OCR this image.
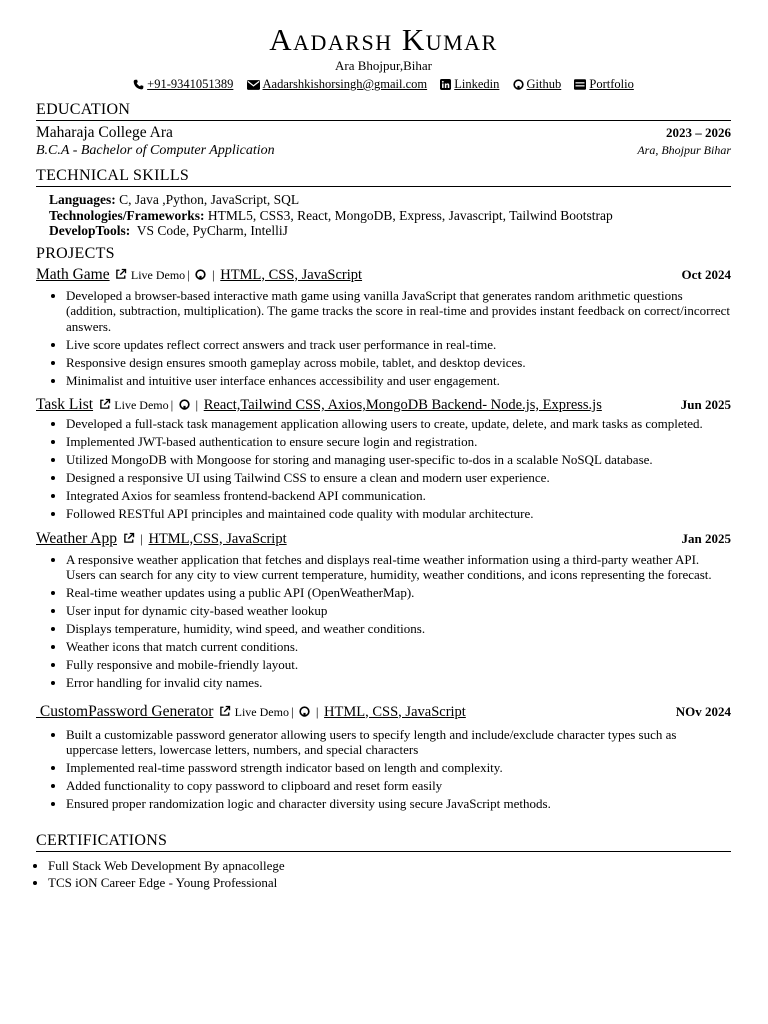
Aadarsh Kumar
Ara Bhojpur,Bihar
+91-9341051389 Aadarshkishorsingh@gmail.com Linkedin Github Portfolio
EDUCATION
Maharaja College Ara	2023 – 2026
B.C.A - Bachelor of Computer Application	Ara, Bhojpur Bihar
TECHNICAL SKILLS
Languages: C, Java ,Python, JavaScript, SQL
Technologies/Frameworks: HTML5, CSS3, React, MongoDB, Express, Javascript, Tailwind Bootstrap
DevelopTools:  VS Code, PyCharm, IntelliJ
PROJECTS
Math Game Live Demo | | HTML, CSS, JavaScript	Oct 2024
• Developed a browser-based interactive math game using vanilla JavaScript that generates random arithmetic questions (addition, subtraction, multiplication). The game tracks the score in real-time and provides instant feedback on correct/incorrect answers.
• Live score updates reflect correct answers and track user performance in real-time.
• Responsive design ensures smooth gameplay across mobile, tablet, and desktop devices.
• Minimalist and intuitive user interface enhances accessibility and user engagement.
Task List Live Demo | | React,Tailwind CSS, Axios,MongoDB Backend- Node.js, Express.js	Jun 2025
• Developed a full-stack task management application allowing users to create, update, delete, and mark tasks as completed.
• Implemented JWT-based authentication to ensure secure login and registration.
• Utilized MongoDB with Mongoose for storing and managing user-specific to-dos in a scalable NoSQL database.
• Designed a responsive UI using Tailwind CSS to ensure a clean and modern user experience.
• Integrated Axios for seamless frontend-backend API communication.
• Followed RESTful API principles and maintained code quality with modular architecture.
Weather App | HTML,CSS, JavaScript	Jan 2025
• A responsive weather application that fetches and displays real-time weather information using a third-party weather API. Users can search for any city to view current temperature, humidity, weather conditions, and icons representing the forecast.
• Real-time weather updates using a public API (OpenWeatherMap).
• User input for dynamic city-based weather lookup
• Displays temperature, humidity, wind speed, and weather conditions.
• Weather icons that match current conditions.
• Fully responsive and mobile-friendly layout.
• Error handling for invalid city names.
CustomPassword Generator Live Demo | | HTML, CSS, JavaScript	NOv 2024
• Built a customizable password generator allowing users to specify length and include/exclude character types such as uppercase letters, lowercase letters, numbers, and special characters
• Implemented real-time password strength indicator based on length and complexity.
• Added functionality to copy password to clipboard and reset form easily
• Ensured proper randomization logic and character diversity using secure JavaScript methods.
CERTIFICATIONS
• Full Stack Web Development By apnacollege
• TCS iON Career Edge - Young Professional
